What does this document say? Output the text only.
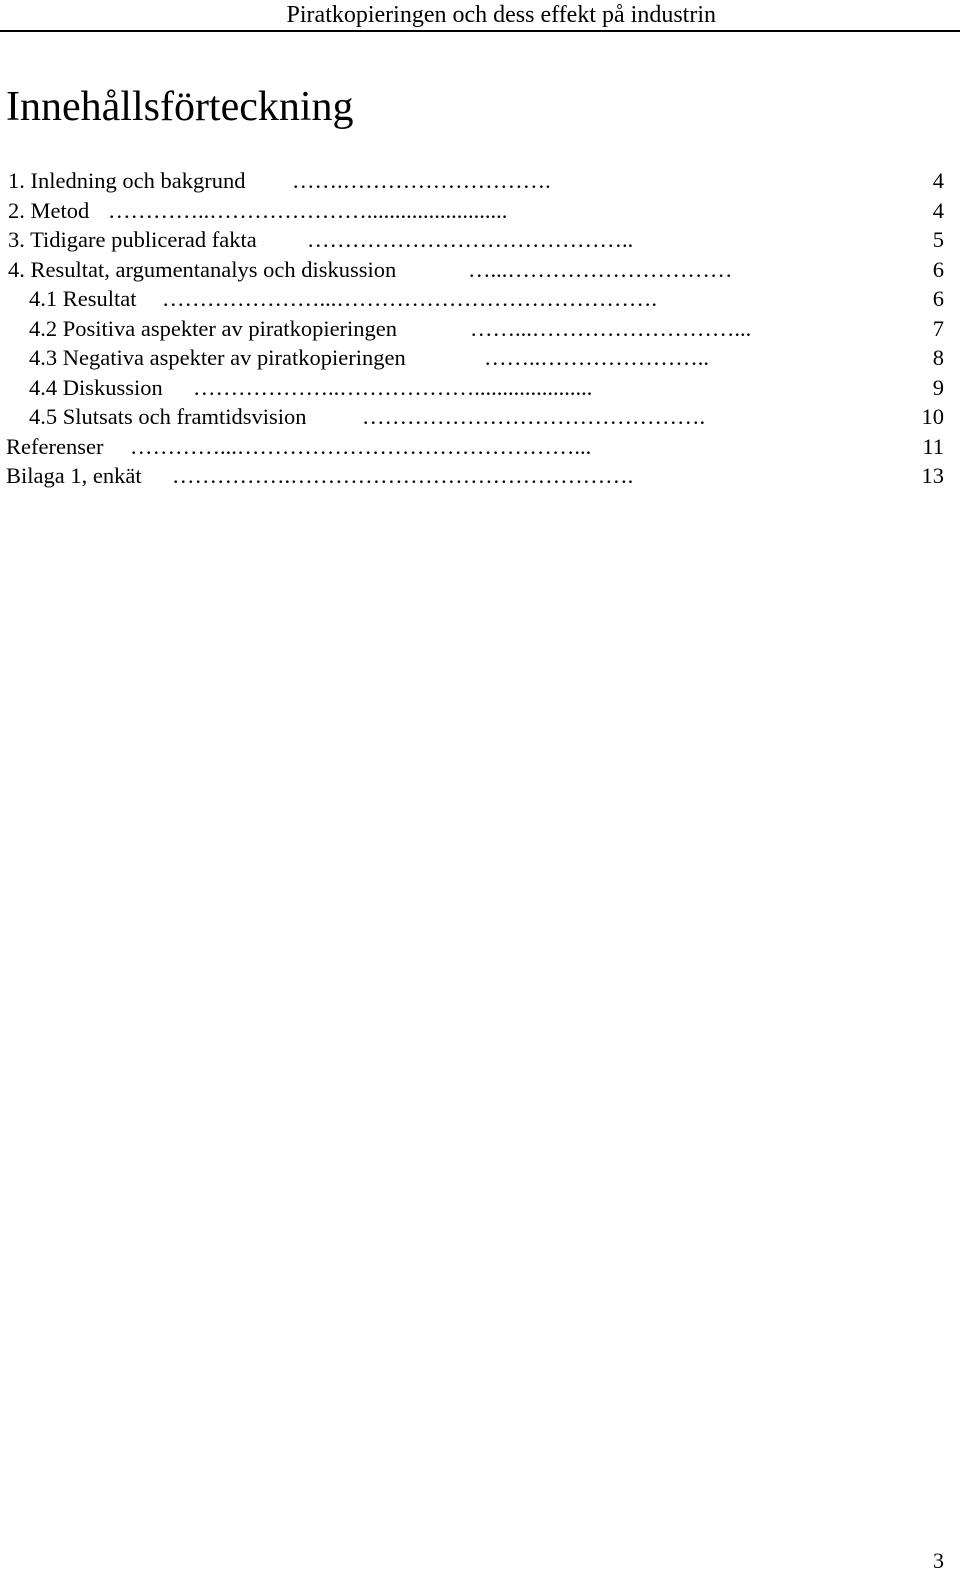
Piratkopieringen och dess effekt på industrin
Innehållsförteckning
1. Inledning och bakgrund …….……………………….	4
2. Metod …………..………………….........................	4
3. Tidigare publicerad fakta ……………………………………..	5
4. Resultat, argumentanalys och diskussion	…...…………………………	6
4.1 Resultat …………………...…………………………………….	6
4.2 Positiva aspekter av piratkopieringen	……...………………………...	7
4.3 Negativa aspekter av piratkopieringen	……..…………………..	8
4.4 Diskussion ………………..……………….....................	9
4.5 Slutsats och framtidsvision ……………………………………….	10
Referenser …………...………………………………………...	11
Bilaga 1, enkät …………….……………………………………….	13
3
